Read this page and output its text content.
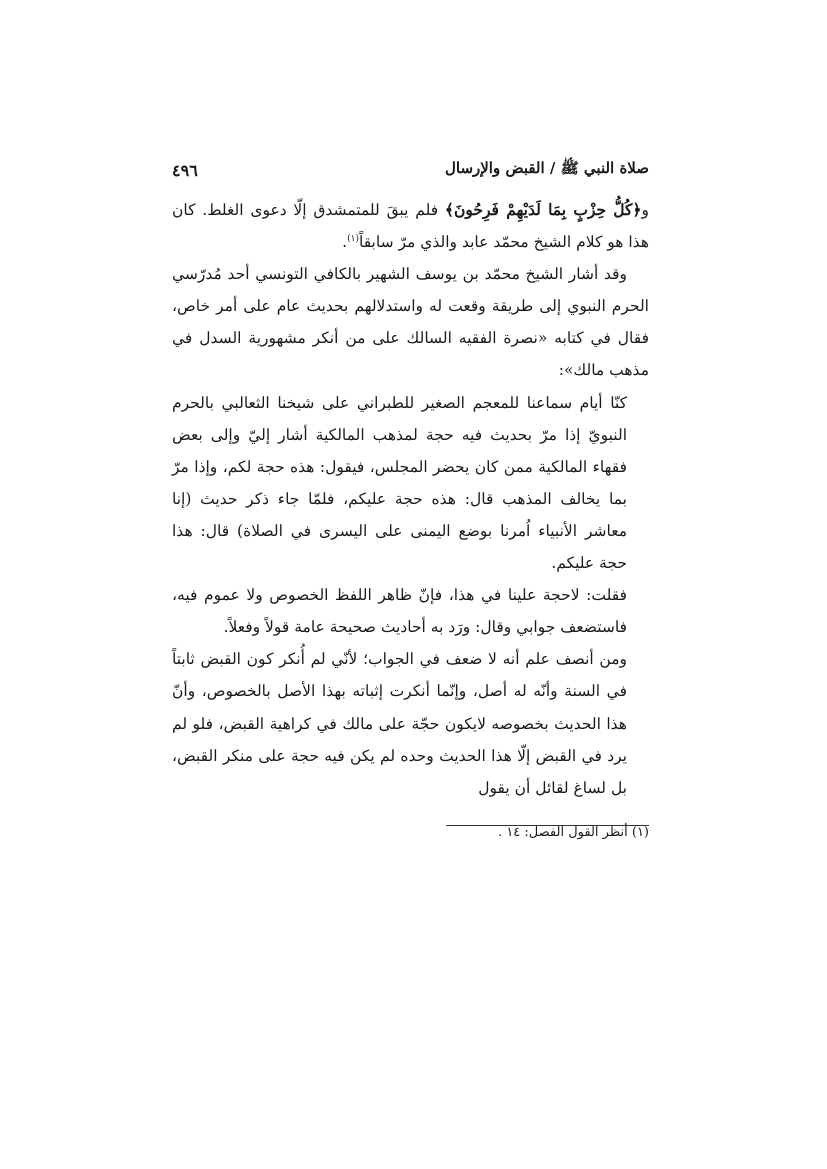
صلاة النبي ﷺ / القبض والإرسال
٤٩٦

و﴿كُلُّ حِزْبٍ بِمَا لَدَيْهِمْ فَرِحُونَ﴾ فلم يبقَ للمتمشدق إلّا دعوى الغلط. كان هذا هو كلام الشيخ محمّد عابد والذي مرّ سابقاً$^{(١)}$.

وقد أشار الشيخ محمّد بن يوسف الشهير بالكافي التونسي أحد مُدرّسي الحرم النبوي إلى طريقة وقعت له واستدلالهم بحديث عام على أمر خاص، فقال في كتابه «نصرة الفقيه السالك على من أنكر مشهورية السدل في مذهب مالك»:

كنّا أيام سماعنا للمعجم الصغير للطبراني على شيخنا الثعالبي بالحرم النبويّ إذا مرّ بحديث فيه حجة لمذهب المالكية أشار إليّ وإلى بعض فقهاء المالكية ممن كان يحضر المجلس، فيقول: هذه حجة لكم، وإذا مرّ بما يخالف المذهب قال: هذه حجة عليكم، فلمّا جاء ذكر حديث (إنا معاشر الأنبياء اُمرنا بوضع اليمنى على اليسرى في الصلاة) قال: هذا حجة عليكم.

فقلت: لاحجة علينا في هذا، فإنّ ظاهر اللفظ الخصوص ولا عموم فيه، فاستضعف جوابي وقال: ورَد به أحاديث صحيحة عامة قولاً وفعلاً.

ومن أنصف علم أنه لا ضعف في الجواب؛ لأنّي لم أُنكر كون القبض ثابتاً في السنة وأنّه له أصل، وإنّما أنكرت إثباته بهذا الأصل بالخصوص، وأنّ هذا الحديث بخصوصه لايكون حجّة على مالك في كراهية القبض، فلو لم يرد في القبض إلّا هذا الحديث وحده لم يكن فيه حجة على منكر القبض، بل لساغ لقائل أن يقول

(١) أنظر القول الفصل: ١٤ .
